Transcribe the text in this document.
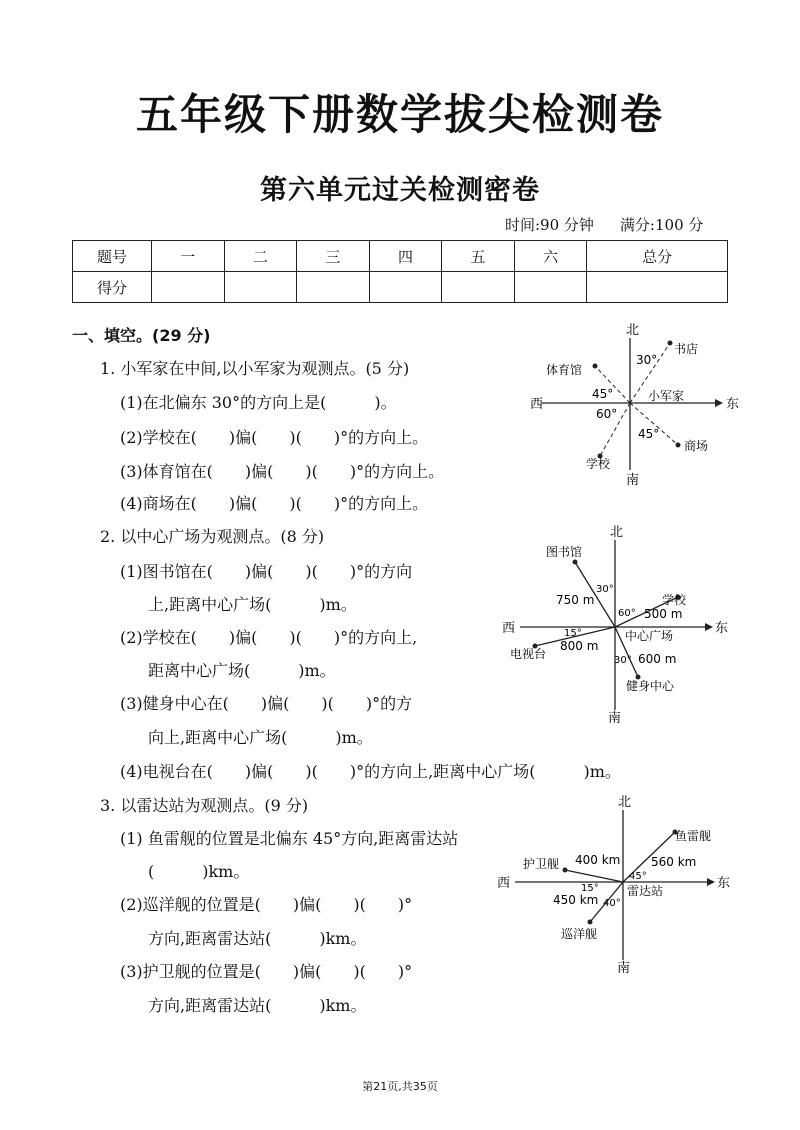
五年级下册数学拔尖检测卷
第六单元过关检测密卷
时间:90 分钟 满分:100 分
题号	一	二	三	四	五	六	总分
得分							
一、填空。(29 分)
1. 小军家在中间,以小军家为观测点。(5 分)
(1)在北偏东 30°的方向上是(　　　)。
(2)学校在(　　)偏(　　)(　　)°的方向上。
(3)体育馆在(　　)偏(　　)(　　)°的方向上。
(4)商场在(　　)偏(　　)(　　)°的方向上。
北
南
西	东
小军家
书店
体育馆
学校
商场
30°
45°
60°
45°
2. 以中心广场为观测点。(8 分)
(1)图书馆在(　　)偏(　　)(　　)°的方向
上,距离中心广场(　　　)m。
(2)学校在(　　)偏(　　)(　　)°的方向上,
距离中心广场(　　　)m。
(3)健身中心在(　　)偏(　　)(　　)°的方
向上,距离中心广场(　　　)m。
(4)电视台在(　　)偏(　　)(　　)°的方向上,距离中心广场(　　　)m。
北
南
西	东
中心广场
图书馆
学校
电视台
健身中心
750 m
500 m
800 m
600 m
30°
60°
15°
30°
3. 以雷达站为观测点。(9 分)
(1) 鱼雷舰的位置是北偏东 45°方向,距离雷达站
(　　　)km。
(2)巡洋舰的位置是(　　)偏(　　)(　　)°
方向,距离雷达站(　　　)km。
(3)护卫舰的位置是(　　)偏(　　)(　　)°
方向,距离雷达站(　　　)km。
北
南
西	东
雷达站
鱼雷舰
护卫舰
巡洋舰
400 km	560 km
450 km
15°
45°
40°
第21页,共35页
